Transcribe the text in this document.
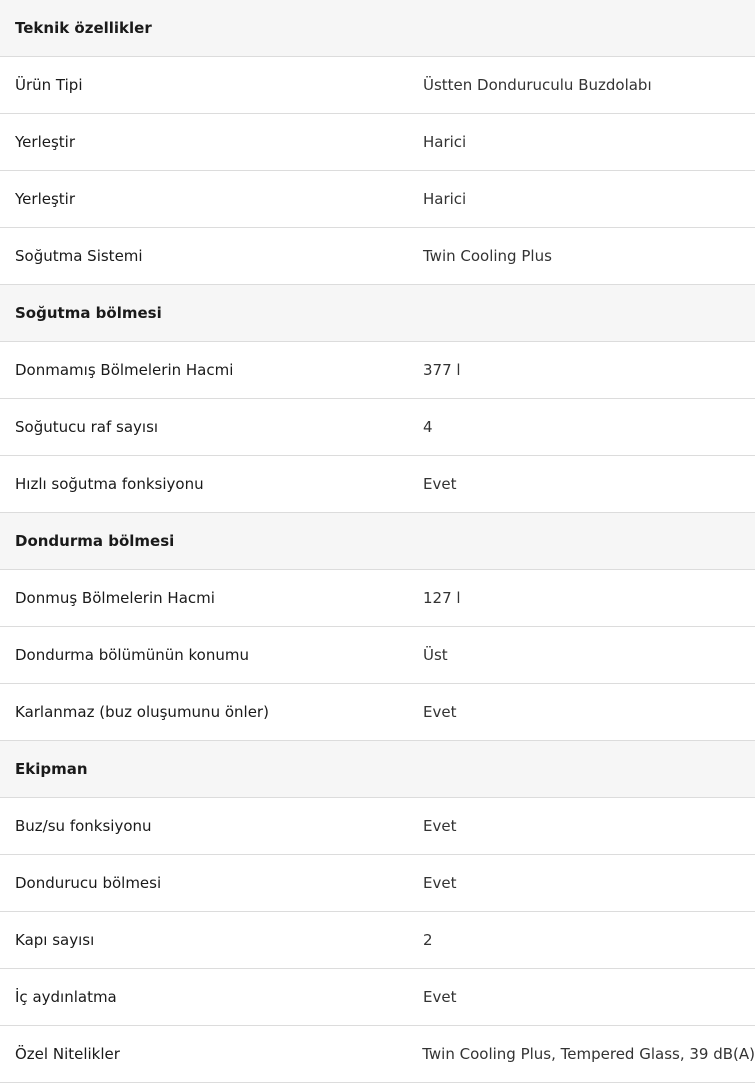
Teknik özellikler
Ürün Tipi	Üstten Donduruculu Buzdolabı
Yerleştir	Harici
Yerleştir	Harici
Soğutma Sistemi	Twin Cooling Plus
Soğutma bölmesi
Donmamış Bölmelerin Hacmi	377 l
Soğutucu raf sayısı	4
Hızlı soğutma fonksiyonu	Evet
Dondurma bölmesi
Donmuş Bölmelerin Hacmi	127 l
Dondurma bölümünün konumu	Üst
Karlanmaz (buz oluşumunu önler)	Evet
Ekipman
Buz/su fonksiyonu	Evet
Dondurucu bölmesi	Evet
Kapı sayısı	2
İç aydınlatma	Evet
Özel Nitelikler	Twin Cooling Plus, Tempered Glass, 39 dB(A)
